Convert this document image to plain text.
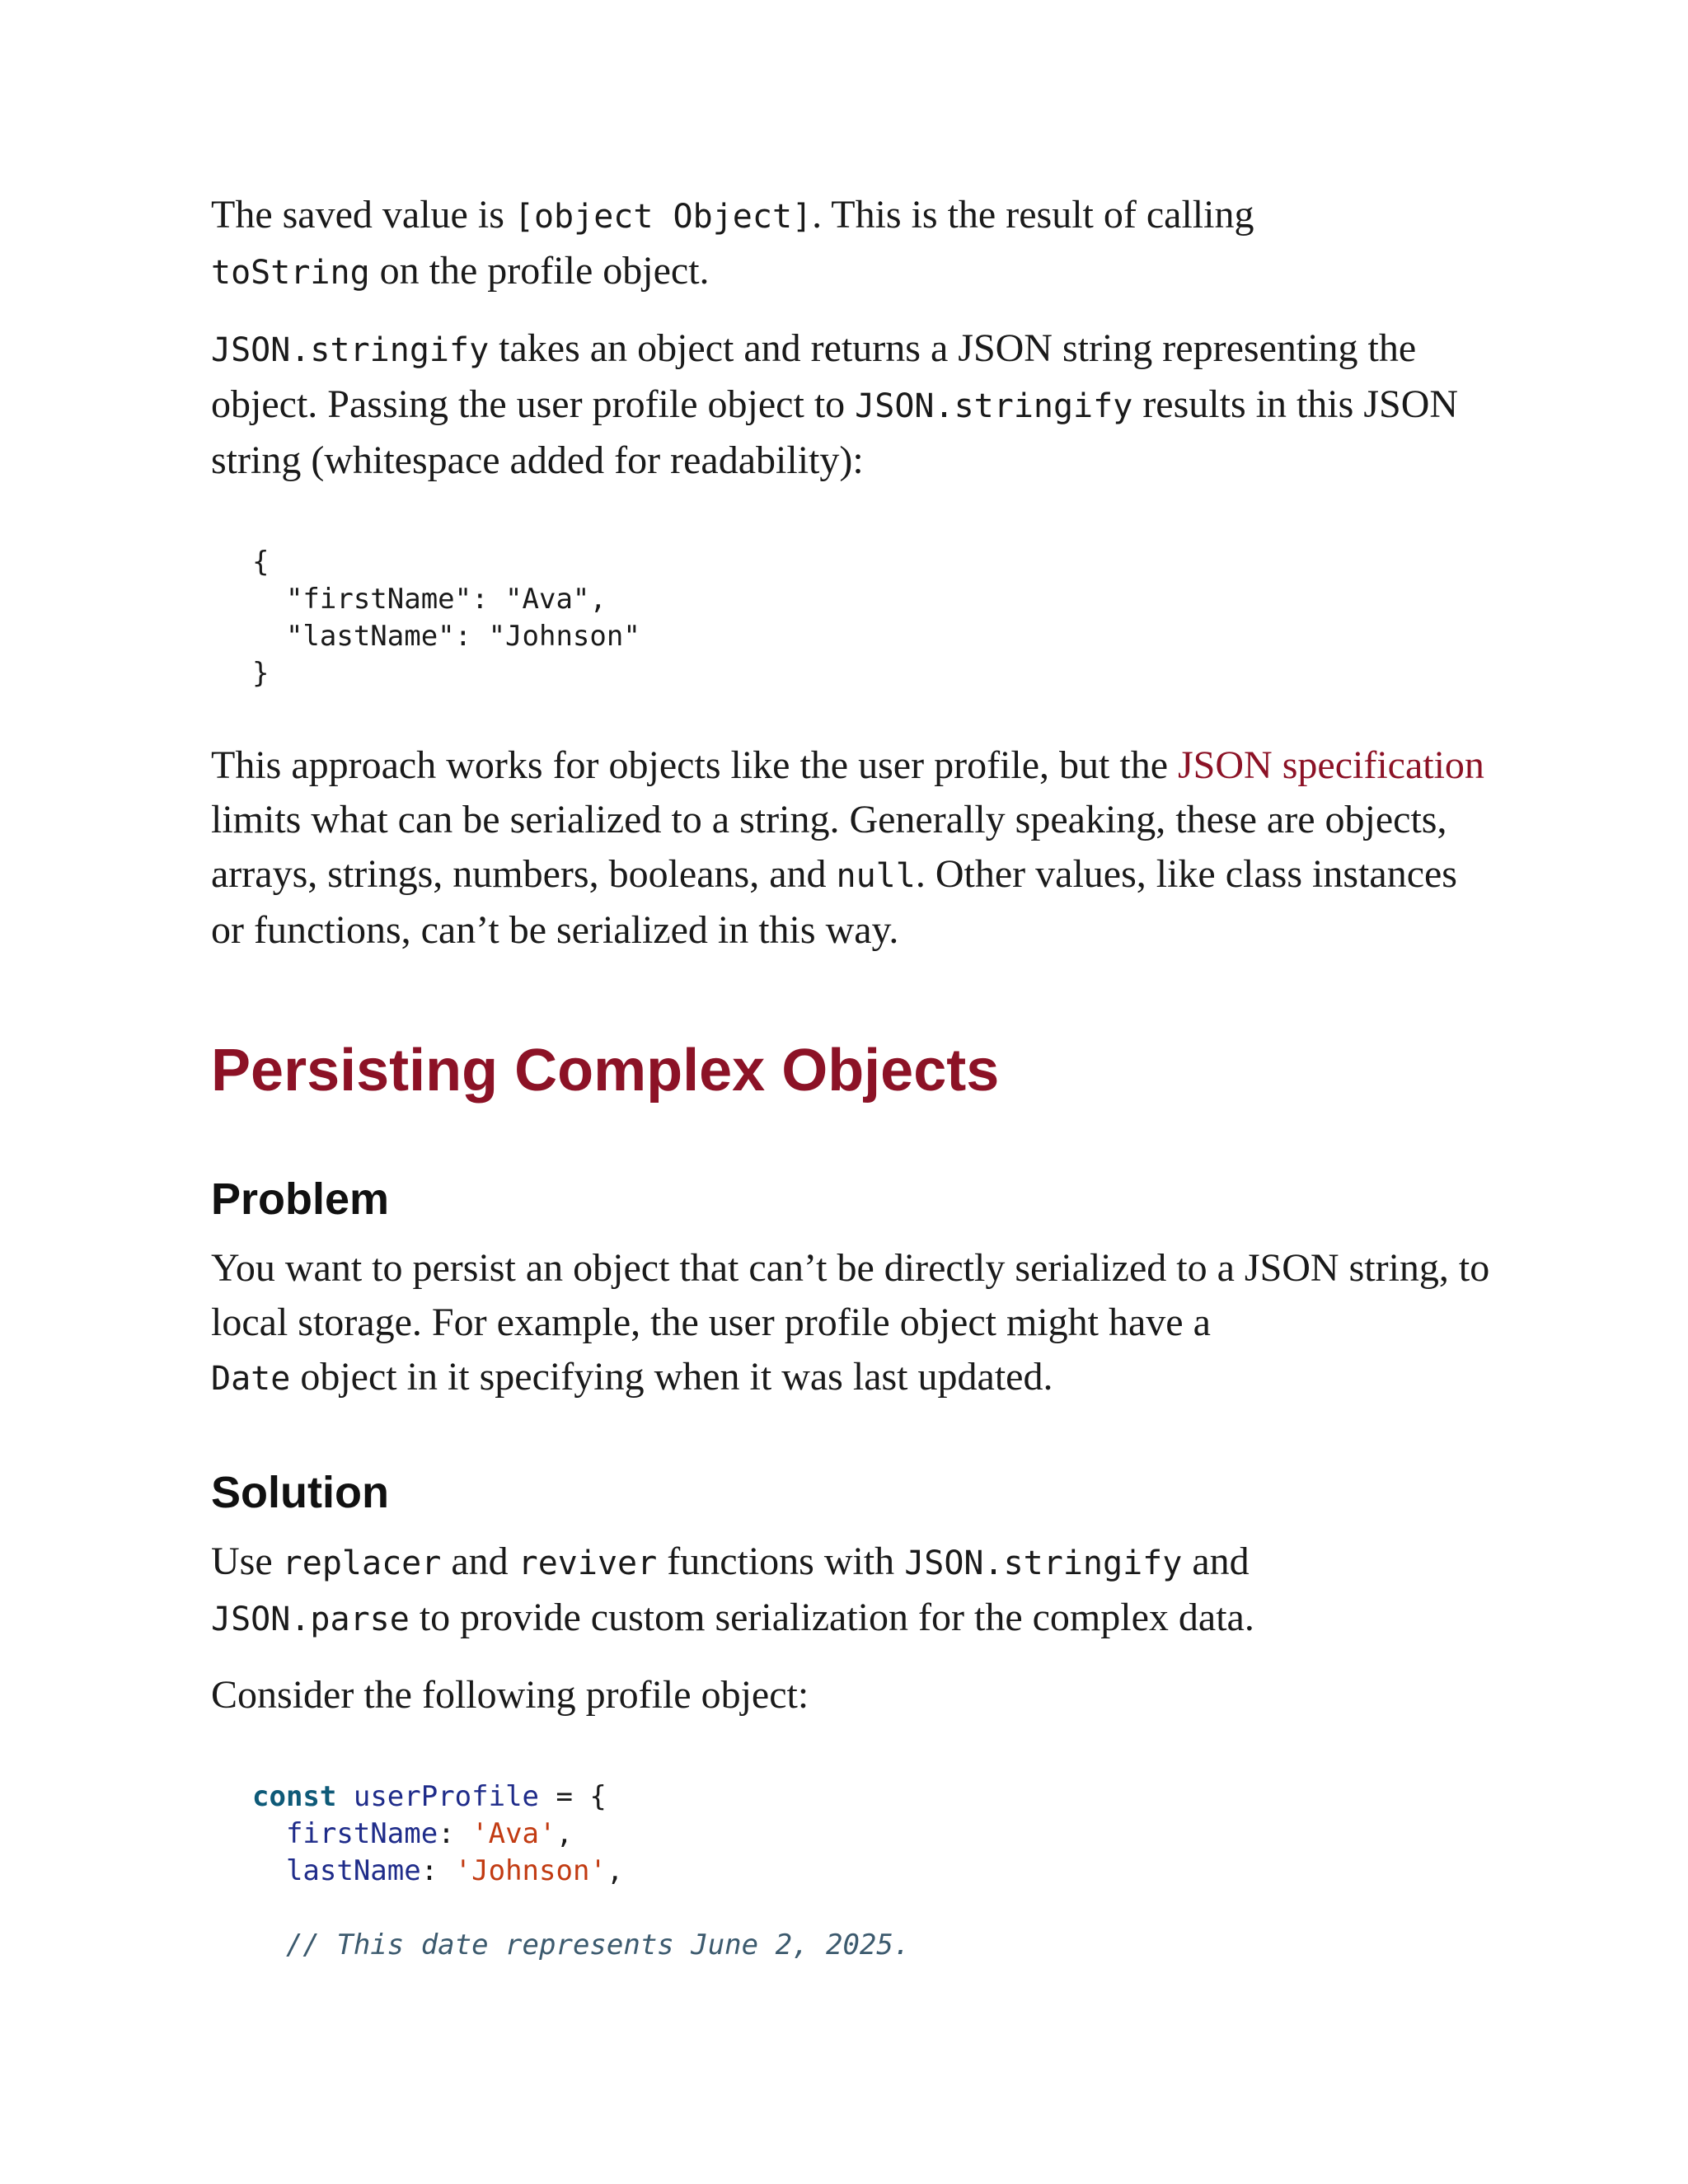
The saved value is [object Object]. This is the result of calling
toString on the profile object.

JSON.stringify takes an object and returns a JSON string representing the object. Passing the user profile object to JSON.stringify results in this JSON string (whitespace added for readability):

{
"firstName": "Ava",
"lastName": "Johnson"
}

This approach works for objects like the user profile, but the JSON specification limits what can be serialized to a string. Generally speaking, these are objects, arrays, strings, numbers, booleans, and null. Other values, like class instances or functions, can’t be serialized in this way.

Persisting Complex Objects
Problem

You want to persist an object that can’t be directly serialized to a JSON string, to local storage. For example, the user profile object might have a
Date object in it specifying when it was last updated.

Solution

Use replacer and reviver functions with JSON.stringify and
JSON.parse to provide custom serialization for the complex data.

Consider the following profile object:

const userProfile = {
firstName: 'Ava',
lastName: 'Johnson',

// This date represents June 2, 2025.
